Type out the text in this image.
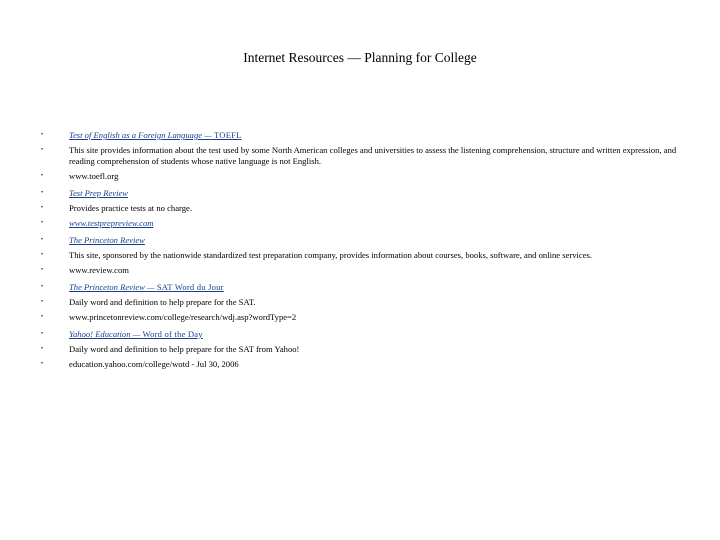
Internet Resources — Planning for College
•	Test of English as a Foreign Language — TOEFL
•	This site provides information about the test used by some North American colleges and universities to assess the listening comprehension, structure and written expression, and reading comprehension of students whose native language is not English.
•	www.toefl.org
•	Test Prep Review
•	Provides practice tests at no charge.
•	www.testprepreview.com
•	The Princeton Review
•	This site, sponsored by the nationwide standardized test preparation company, provides information about courses, books, software, and online services.
•	www.review.com
•	The Princeton Review — SAT Word du Jour
•	Daily word and definition to help prepare for the SAT.
•	www.princetonreview.com/college/research/wdj.asp?wordType=2
•	Yahoo! Education — Word of the Day
•	Daily word and definition to help prepare for the SAT from Yahoo!
•	education.yahoo.com/college/wotd - Jul 30, 2006
